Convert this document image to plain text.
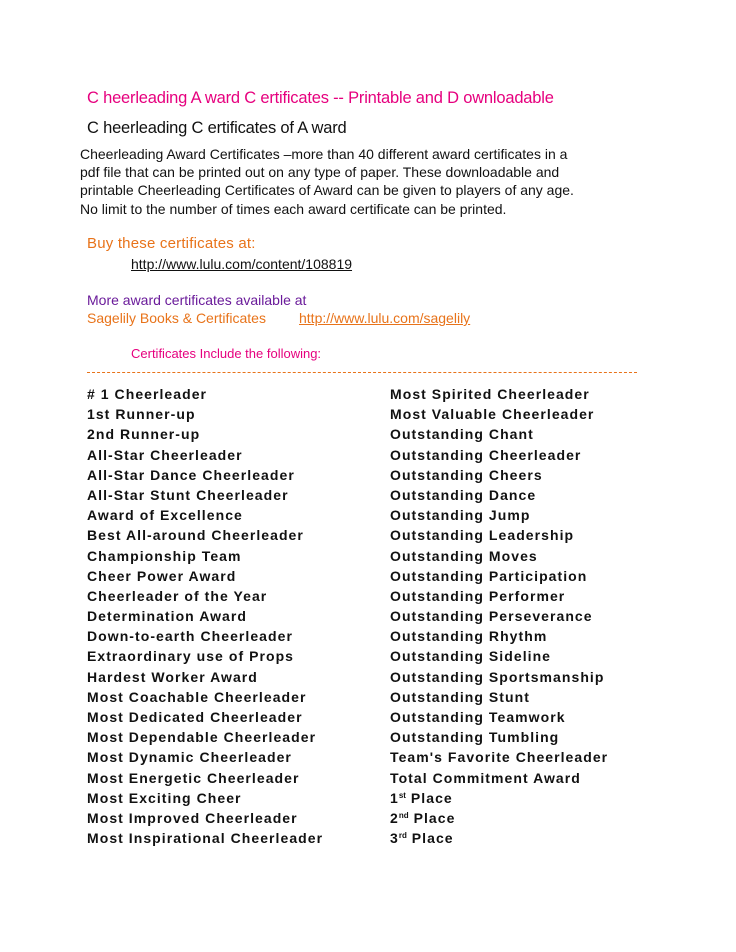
C heerleading A ward C ertificates -- Printable and D ownloadable
C heerleading C ertificates of A ward
Cheerleading Award Certificates –more than 40 different award certificates in a
pdf file that can be printed out on any type of paper. These downloadable and
printable Cheerleading Certificates of Award can be given to players of any age.
No limit to the number of times each award certificate can be printed.
Buy these certificates at:
http://www.lulu.com/content/108819
More award certificates available at
Sagelily Books & Certificates http://www.lulu.com/sagelily
Certificates Include the following:
# 1 Cheerleader
1st Runner-up
2nd Runner-up
All-Star Cheerleader
All-Star Dance Cheerleader
All-Star Stunt Cheerleader
Award of Excellence
Best All-around Cheerleader
Championship Team
Cheer Power Award
Cheerleader of the Year
Determination Award
Down-to-earth Cheerleader
Extraordinary use of Props
Hardest Worker Award
Most Coachable Cheerleader
Most Dedicated Cheerleader
Most Dependable Cheerleader
Most Dynamic Cheerleader
Most Energetic Cheerleader
Most Exciting Cheer
Most Improved Cheerleader
Most Inspirational Cheerleader
Most Spirited Cheerleader
Most Valuable Cheerleader
Outstanding Chant
Outstanding Cheerleader
Outstanding Cheers
Outstanding Dance
Outstanding Jump
Outstanding Leadership
Outstanding Moves
Outstanding Participation
Outstanding Performer
Outstanding Perseverance
Outstanding Rhythm
Outstanding Sideline
Outstanding Sportsmanship
Outstanding Stunt
Outstanding Teamwork
Outstanding Tumbling
Team's Favorite Cheerleader
Total Commitment Award
1st Place
2nd Place
3rd Place
